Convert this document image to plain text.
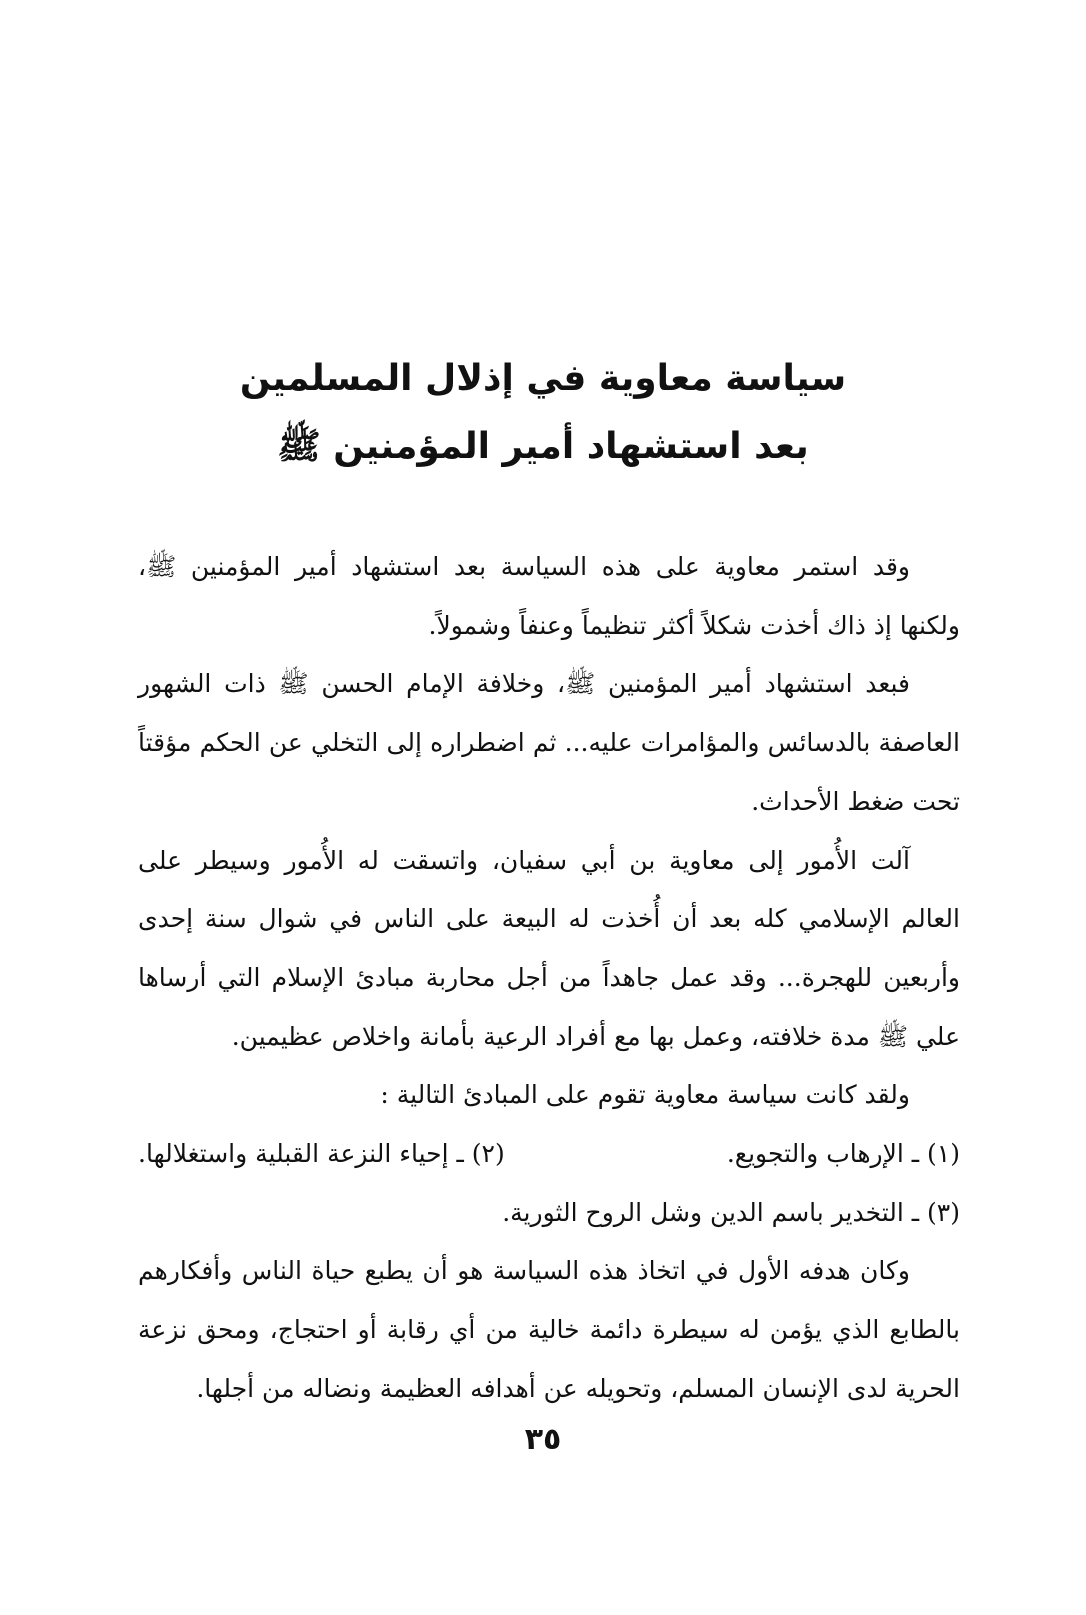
سياسة معاوية في إذلال المسلمين

بعد استشهاد أمير المؤمنين ﷺ

وقد استمر معاوية على هذه السياسة بعد استشهاد أمير المؤمنين ﷺ، ولكنها إذ ذاك أخذت شكلاً أكثر تنظيماً وعنفاً وشمولاً.

فبعد استشهاد أمير المؤمنين ﷺ، وخلافة الإمام الحسن ﷺ ذات الشهور العاصفة بالدسائس والمؤامرات عليه... ثم اضطراره إلى التخلي عن الحكم مؤقتاً تحت ضغط الأحداث.

آلت الأُمور إلى معاوية بن أبي سفيان، واتسقت له الأُمور وسيطر على العالم الإسلامي كله بعد أن أُخذت له البيعة على الناس في شوال سنة إحدى وأربعين للهجرة... وقد عمل جاهداً من أجل محاربة مبادئ الإسلام التي أرساها علي ﷺ مدة خلافته، وعمل بها مع أفراد الرعية بأمانة واخلاص عظيمين.

ولقد كانت سياسة معاوية تقوم على المبادئ التالية :

(١) ـ الإرهاب والتجويع.
(٢) ـ إحياء النزعة القبلية واستغلالها.

(٣) ـ التخدير باسم الدين وشل الروح الثورية.

وكان هدفه الأول في اتخاذ هذه السياسة هو أن يطبع حياة الناس وأفكارهم بالطابع الذي يؤمن له سيطرة دائمة خالية من أي رقابة أو احتجاج، ومحق نزعة الحرية لدى الإنسان المسلم، وتحويله عن أهدافه العظيمة ونضاله من أجلها.

٣٥
